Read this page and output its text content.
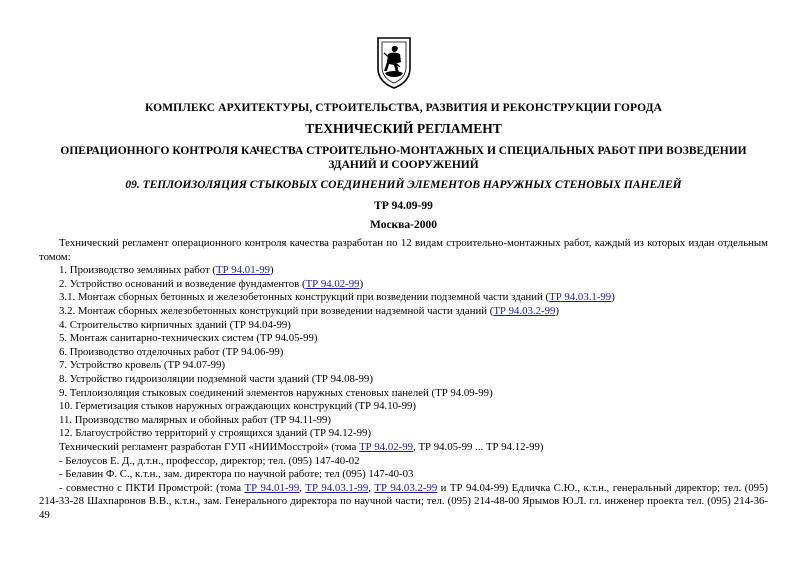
КОМПЛЕКС АРХИТЕКТУРЫ, СТРОИТЕЛЬСТВА, РАЗВИТИЯ И РЕКОНСТРУКЦИИ ГОРОДА
ТЕХНИЧЕСКИЙ РЕГЛАМЕНТ
ОПЕРАЦИОННОГО КОНТРОЛЯ КАЧЕСТВА СТРОИТЕЛЬНО-МОНТАЖНЫХ И СПЕЦИАЛЬНЫХ РАБОТ ПРИ ВОЗВЕДЕНИИ ЗДАНИЙ И СООРУЖЕНИЙ
09. ТЕПЛОИЗОЛЯЦИЯ СТЫКОВЫХ СОЕДИНЕНИЙ ЭЛЕМЕНТОВ НАРУЖНЫХ СТЕНОВЫХ ПАНЕЛЕЙ
ТР 94.09-99
Москва-2000
Технический регламент операционного контроля качества разработан по 12 видам строительно-монтажных работ, каждый из которых издан отдельным томом:
1. Производство земляных работ (ТР 94.01-99)
2. Устройство оснований и возведение фундаментов (ТР 94.02-99)
3.1. Монтаж сборных бетонных и железобетонных конструкций при возведении подземной части зданий (ТР 94.03.1-99)
3.2. Монтаж сборных железобетонных конструкций при возведении надземной части зданий (ТР 94.03.2-99)
4. Строительство кирпичных зданий (ТР 94.04-99)
5. Монтаж санитарно-технических систем (ТР 94.05-99)
6. Производство отделочных работ (ТР 94.06-99)
7. Устройство кровель (ТР 94.07-99)
8. Устройство гидроизоляции подземной части зданий (ТР 94.08-99)
9. Теплоизоляция стыковых соединений элементов наружных стеновых панелей (ТР 94.09-99)
10. Герметизация стыков наружных ограждающих конструкций (ТР 94.10-99)
11. Производство малярных и обойных работ (ТР 94.11-99)
12. Благоустройство территорий у строящихся зданий (ТР 94.12-99)
Технический регламент разработан ГУП «НИИМосстрой» (тома ТР 94.02-99, ТР 94.05-99 ... ТР 94.12-99)
- Белоусов Е. Д., д.т.н., профессор, директор; тел. (095) 147-40-02
- Белавин Ф. С., к.т.н., зам. директора по научной работе; тел (095) 147-40-03
- совместно с ПКТИ Промстрой: (тома ТР 94.01-99, ТР 94.03.1-99, ТР 94.03.2-99 и ТР 94.04-99) Едличка С.Ю., к.т.н., генеральный директор; тел. (095) 214-33-28 Шахпаронов В.В., к.т.н., зам. Генерального директора по научной части; тел. (095) 214-48-00 Ярымов Ю.Л. гл. инженер проекта тел. (095) 214-36-49
